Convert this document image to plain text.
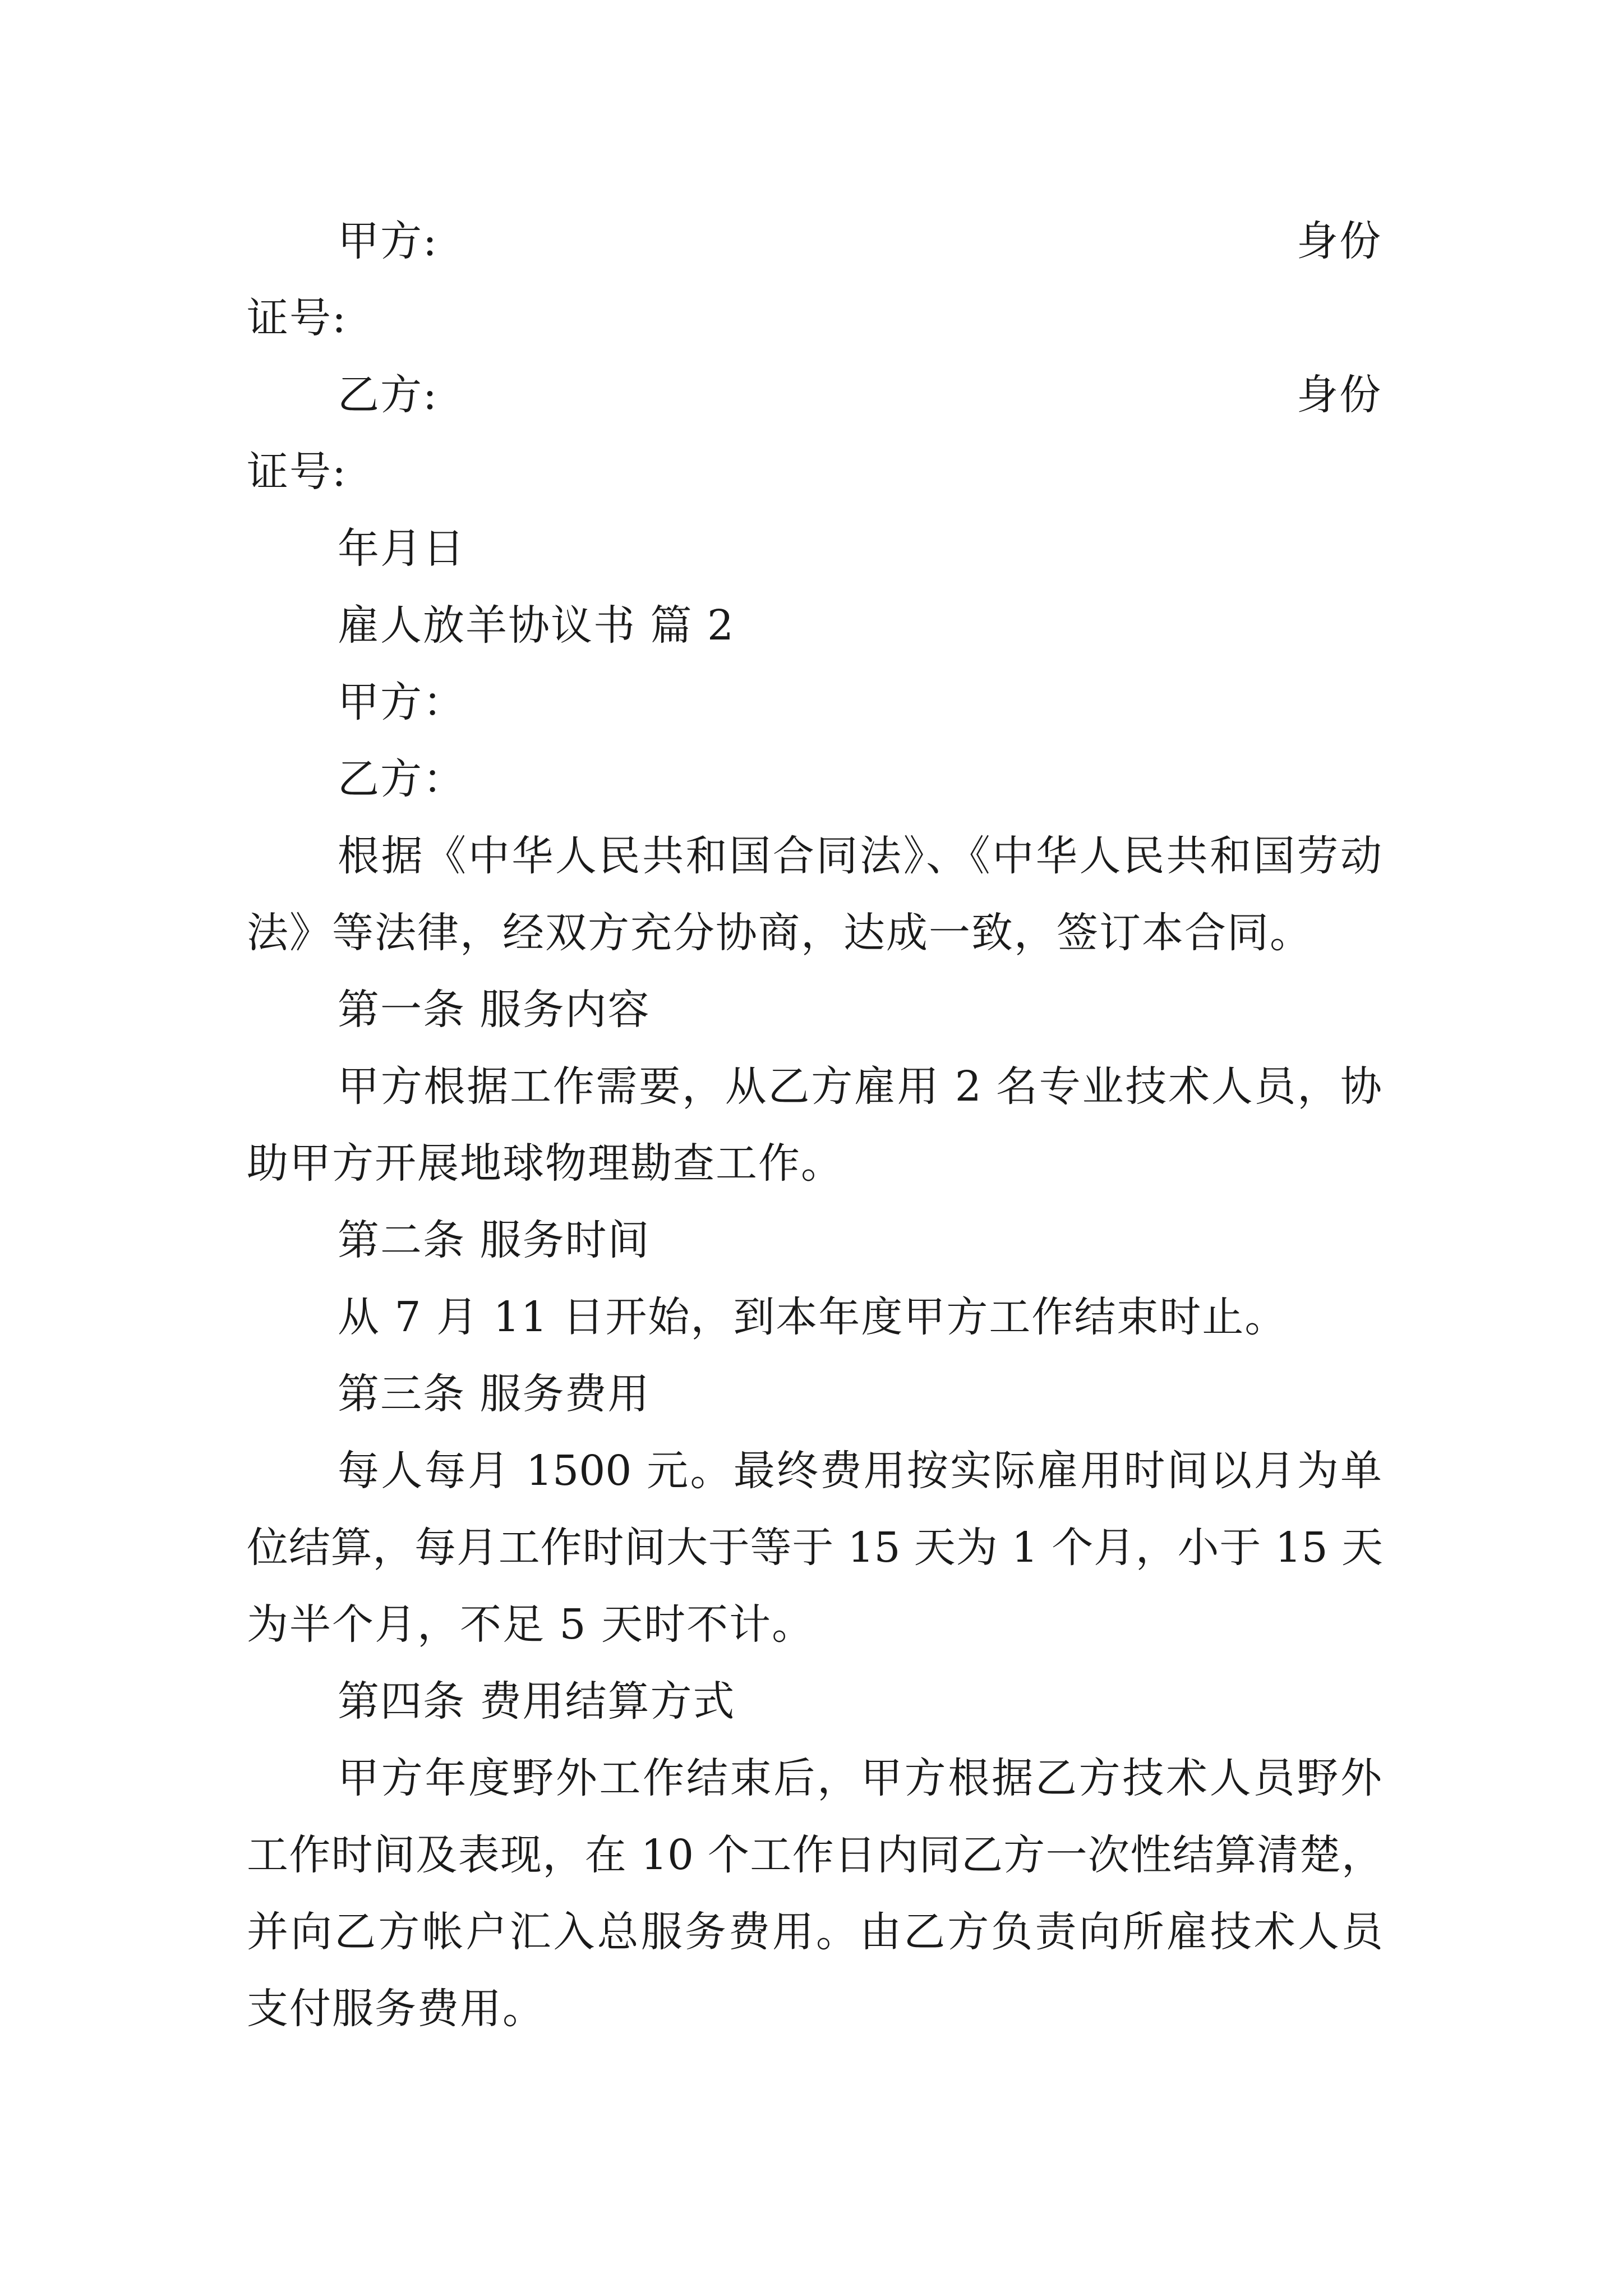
甲方:	身份
证号:
乙方:	身份
证号:
年月日
雇人放羊协议书 篇 2
甲方：
乙方：
根据《中华人民共和国合同法》、《中华人民共和国劳动
法》等法律，经双方充分协商，达成一致，签订本合同。
第一条 服务内容
甲方根据工作需要，从乙方雇用 2 名专业技术人员，协
助甲方开展地球物理勘查工作。
第二条 服务时间
从 7 月 11 日开始，到本年度甲方工作结束时止。
第三条 服务费用
每人每月 1500 元。最终费用按实际雇用时间以月为单
位结算，每月工作时间大于等于 15 天为 1 个月，小于 15 天
为半个月，不足 5 天时不计。
第四条 费用结算方式
甲方年度野外工作结束后，甲方根据乙方技术人员野外
工作时间及表现，在 10 个工作日内同乙方一次性结算清楚，
并向乙方帐户汇入总服务费用。由乙方负责向所雇技术人员
支付服务费用。
